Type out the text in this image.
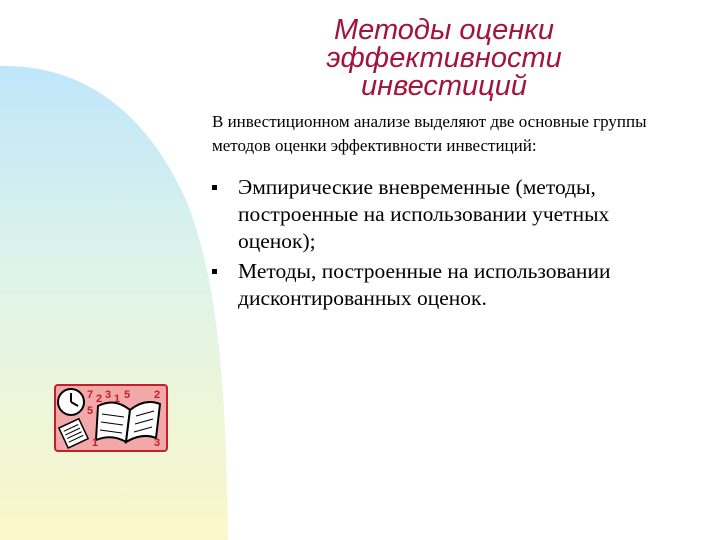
Методы оценки
эффективности
инвестиций
В инвестиционном анализе выделяют две основные группы методов оценки эффективности инвестиций:
Эмпирические вневременные (методы, построенные на использовании учетных оценок);
Методы, построенные на использовании дисконтированных оценок.
7 2 3 1 5 2
5
1	3
